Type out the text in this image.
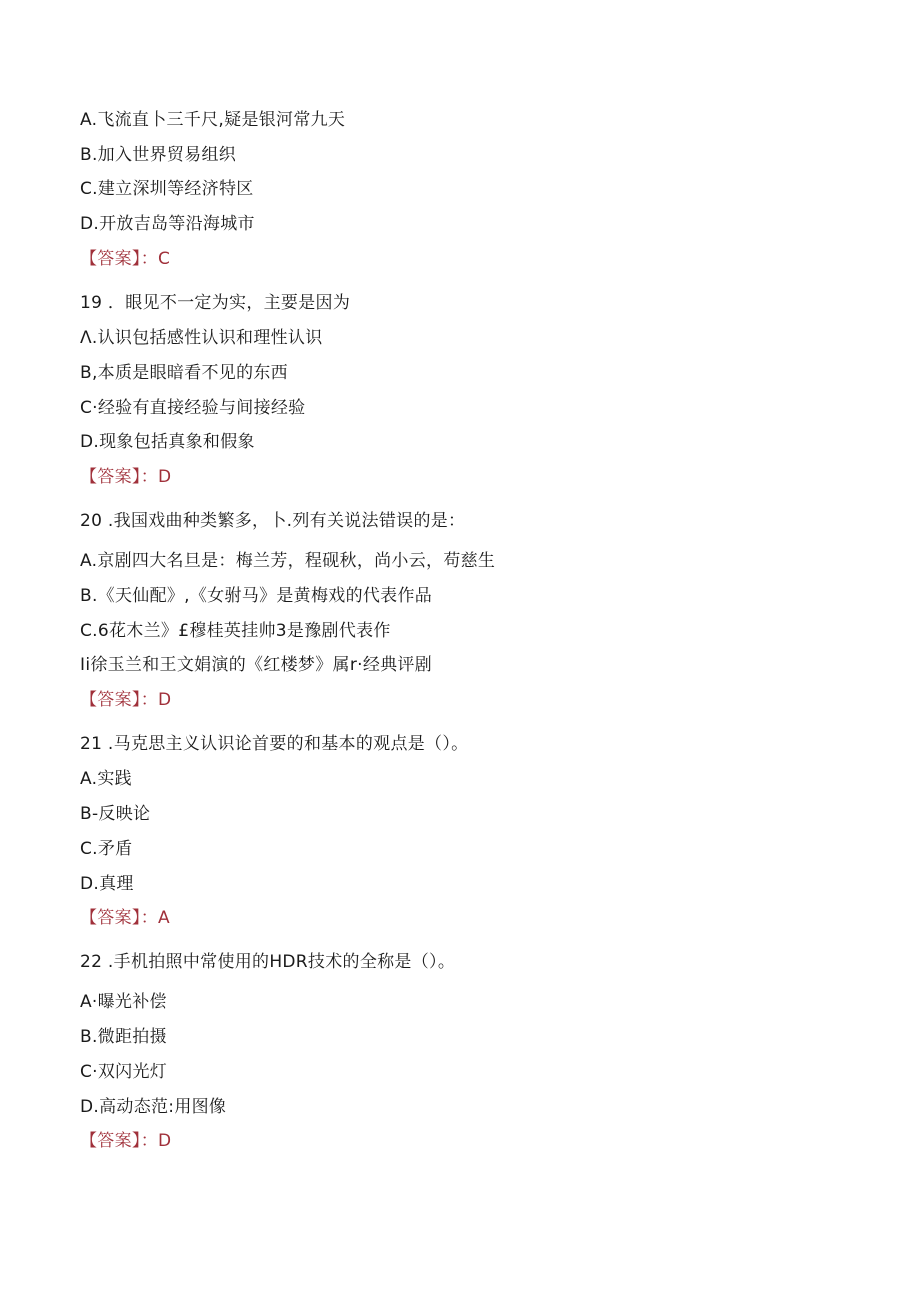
A.飞流直卜三千尺,疑是银河常九天
B.加入世界贸易组织
C.建立深圳等经济特区
D.开放吉岛等沿海城市
【答案】：C
19 ．眼见不一定为实，主要是因为
Λ.认识包括感性认识和理性认识
B,本质是眼暗看不见的东西
C·经验有直接经验与间接经验
D.现象包括真象和假象
【答案】：D
20 .我国戏曲种类繁多，卜.列有关说法错误的是：
A.京剧四大名旦是：梅兰芳，程砚秋，尚小云，苟慈生
B.《天仙配》,《女驸马》是黄梅戏的代表作品
C.6花木兰》£穆桂英挂帅3是豫剧代表作
Ii徐玉兰和王文娟演的《红楼梦》属r·经典评剧
【答案】：D
21 .马克思主义认识论首要的和基本的观点是（）。
A.实践
B-反映论
C.矛盾
D.真理
【答案】：A
22 .手机拍照中常使用的HDR技术的全称是（）。
A·曝光补偿
B.微距拍摄
C·双闪光灯
D.高动态范:用图像
【答案】：D
